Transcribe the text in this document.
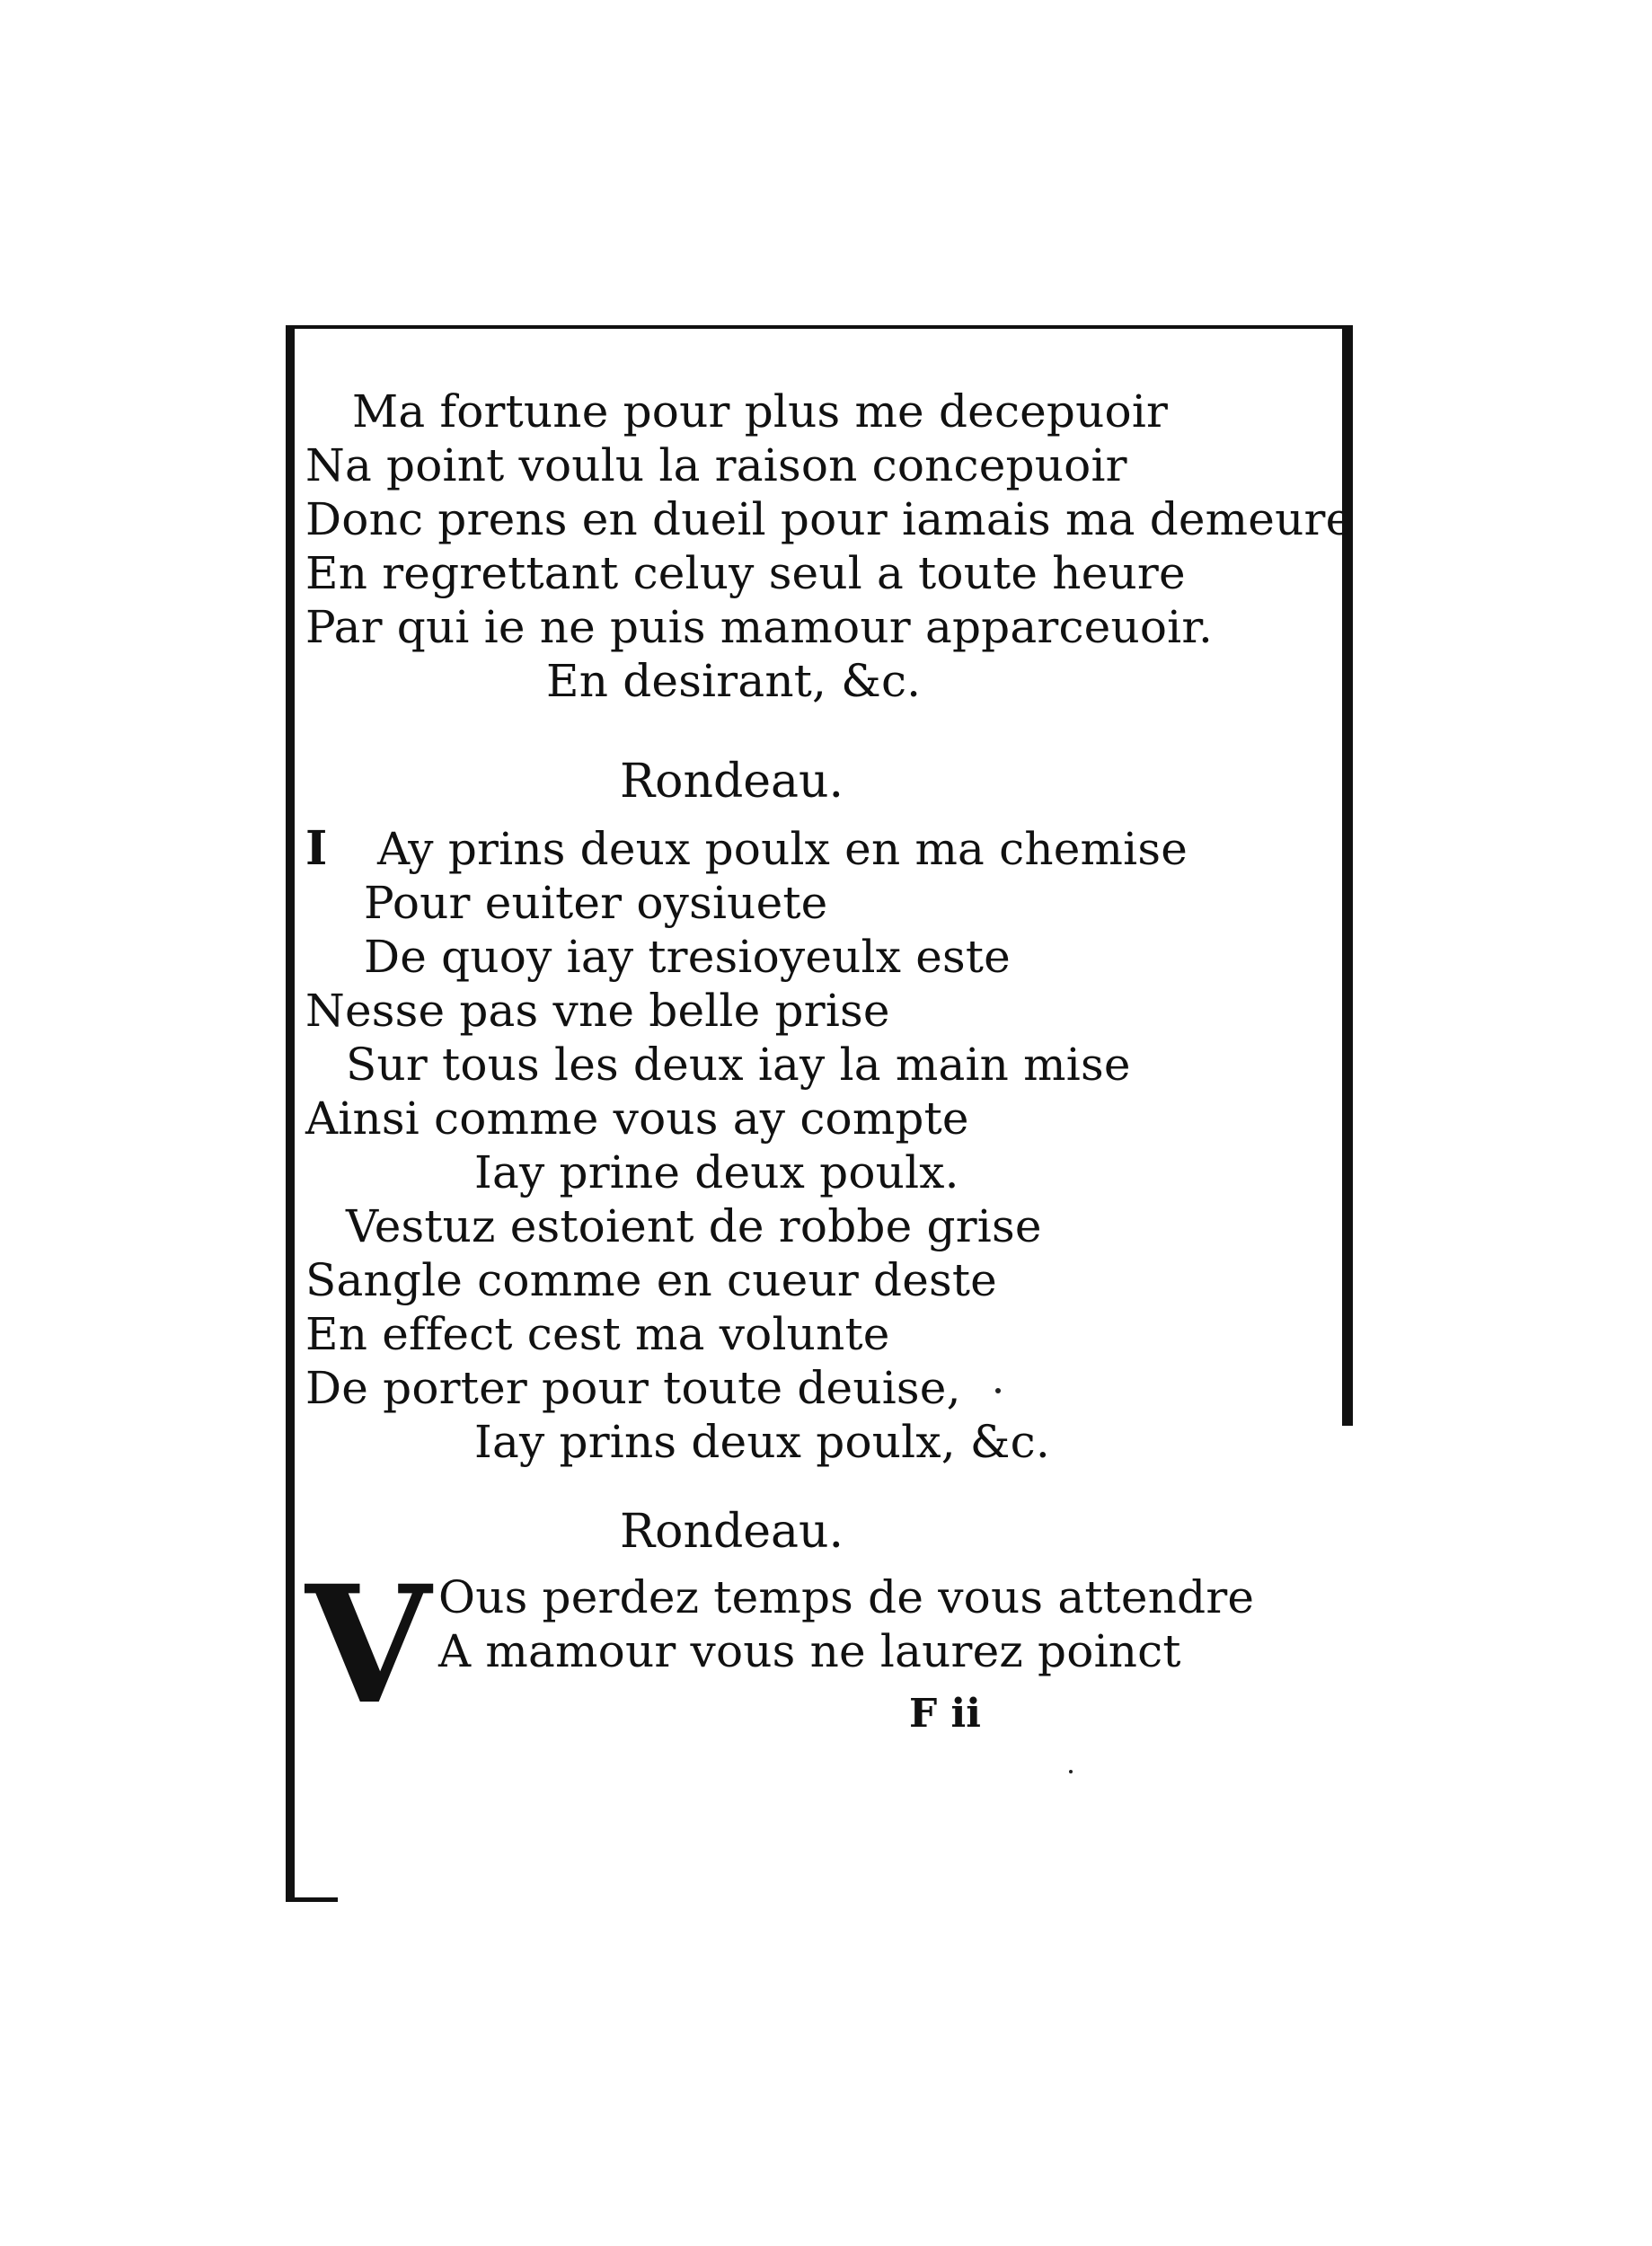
Ma fortune pour plus me decepuoir
Na point voulu la raison concepuoir
Donc prens en dueil pour iamais ma demeure
En regrettant celuy seul a toute heure
Par qui ie ne puis mamour apparceuoir.
En desirant, &c.
Rondeau.
I Ay prins deux poulx en ma chemise
Pour euiter oysiuete
De quoy iay tresioyeulx este
Nesse pas vne belle prise
Sur tous les deux iay la main mise
Ainsi comme vous ay compte
Iay prine deux poulx.
Vestuz estoient de robbe grise
Sangle comme en cueur deste
En effect cest ma volunte
De porter pour toute deuise,
Iay prins deux poulx, &c.
Rondeau.
V Ous perdez temps de vous attendre
A mamour vous ne laurez poinct
F ii
